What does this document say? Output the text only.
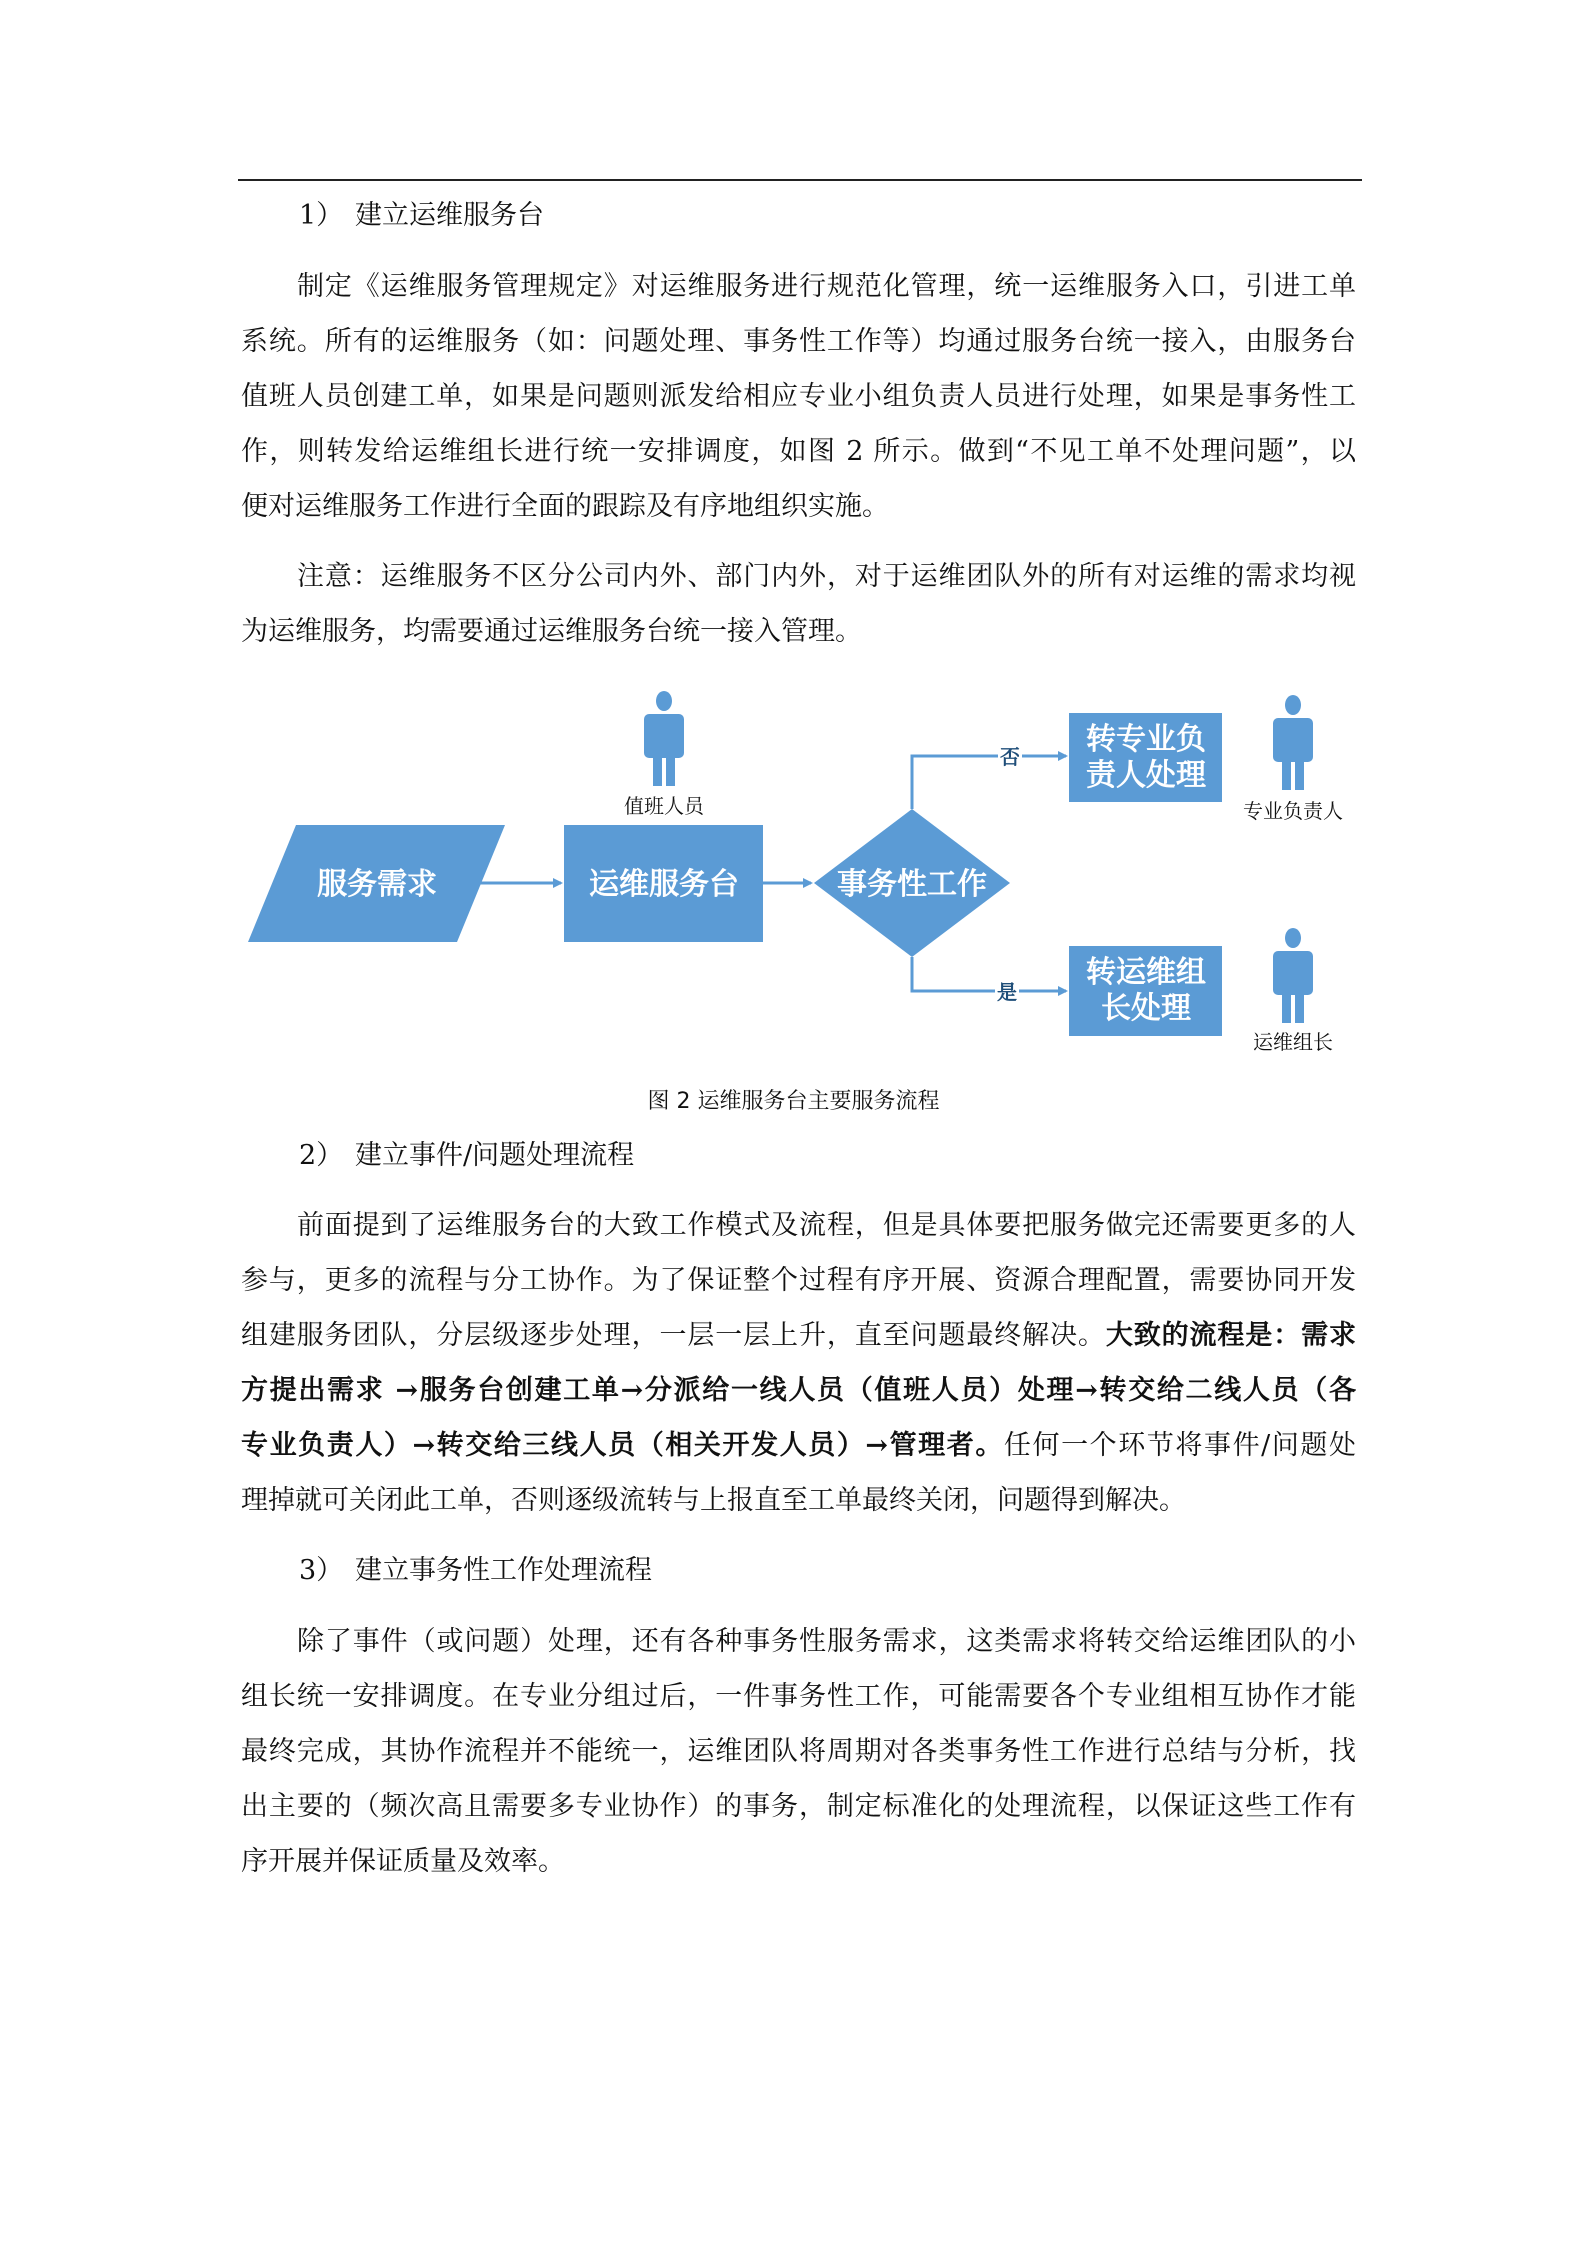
1） 建立运维服务台
制定《运维服务管理规定》对运维服务进行规范化管理，统一运维服务入口，引进工单
系统。所有的运维服务（如：问题处理、事务性工作等）均通过服务台统一接入，由服务台
值班人员创建工单，如果是问题则派发给相应专业小组负责人员进行处理，如果是事务性工
作，则转发给运维组长进行统一安排调度，如图 2 所示。做到“不见工单不处理问题”，以
便对运维服务工作进行全面的跟踪及有序地组织实施。
注意：运维服务不区分公司内外、部门内外，对于运维团队外的所有对运维的需求均视
为运维服务，均需要通过运维服务台统一接入管理。
服务需求	运维服务台	事务性工作
转专业负
责人处理
转运维组
长处理
否
是
值班人员	专业负责人
运维组长
图 2 运维服务台主要服务流程
2） 建立事件/问题处理流程
前面提到了运维服务台的大致工作模式及流程，但是具体要把服务做完还需要更多的人
参与，更多的流程与分工协作。为了保证整个过程有序开展、资源合理配置，需要协同开发
组建服务团队，分层级逐步处理，一层一层上升，直至问题最终解决。大致的流程是：需求
方提出需求 →服务台创建工单→分派给一线人员（值班人员）处理→转交给二线人员（各
专业负责人）→转交给三线人员（相关开发人员）→管理者。任何一个环节将事件/问题处
理掉就可关闭此工单，否则逐级流转与上报直至工单最终关闭，问题得到解决。
3） 建立事务性工作处理流程
除了事件（或问题）处理，还有各种事务性服务需求，这类需求将转交给运维团队的小
组长统一安排调度。在专业分组过后，一件事务性工作，可能需要各个专业组相互协作才能
最终完成，其协作流程并不能统一，运维团队将周期对各类事务性工作进行总结与分析，找
出主要的（频次高且需要多专业协作）的事务，制定标准化的处理流程，以保证这些工作有
序开展并保证质量及效率。
